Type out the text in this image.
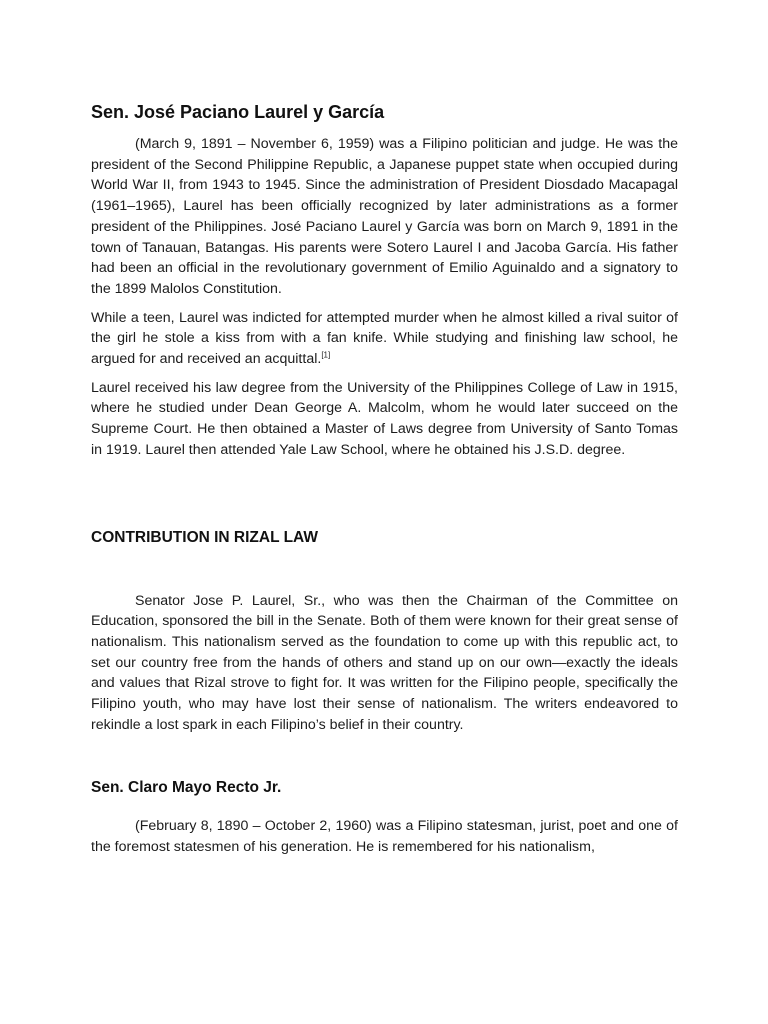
Sen. José Paciano Laurel y García

(March 9, 1891 – November 6, 1959) was a Filipino politician and judge. He was the president of the Second Philippine Republic, a Japanese puppet state when occupied during World War II, from 1943 to 1945. Since the administration of President Diosdado Macapagal (1961–1965), Laurel has been officially recognized by later administrations as a former president of the Philippines. José Paciano Laurel y García was born on March 9, 1891 in the town of Tanauan, Batangas. His parents were Sotero Laurel I and Jacoba García. His father had been an official in the revolutionary government of Emilio Aguinaldo and a signatory to the 1899 Malolos Constitution.

While a teen, Laurel was indicted for attempted murder when he almost killed a rival suitor of the girl he stole a kiss from with a fan knife. While studying and finishing law school, he argued for and received an acquittal.[1]

Laurel received his law degree from the University of the Philippines College of Law in 1915, where he studied under Dean George A. Malcolm, whom he would later succeed on the Supreme Court. He then obtained a Master of Laws degree from University of Santo Tomas in 1919. Laurel then attended Yale Law School, where he obtained his J.S.D. degree.

CONTRIBUTION IN RIZAL LAW

Senator Jose P. Laurel, Sr., who was then the Chairman of the Committee on Education, sponsored the bill in the Senate. Both of them were known for their great sense of nationalism. This nationalism served as the foundation to come up with this republic act, to set our country free from the hands of others and stand up on our own—exactly the ideals and values that Rizal strove to fight for. It was written for the Filipino people, specifically the Filipino youth, who may have lost their sense of nationalism. The writers endeavored to rekindle a lost spark in each Filipino’s belief in their country.

Sen. Claro Mayo Recto Jr.

(February 8, 1890 – October 2, 1960) was a Filipino statesman, jurist, poet and one of the foremost statesmen of his generation. He is remembered for his nationalism,
